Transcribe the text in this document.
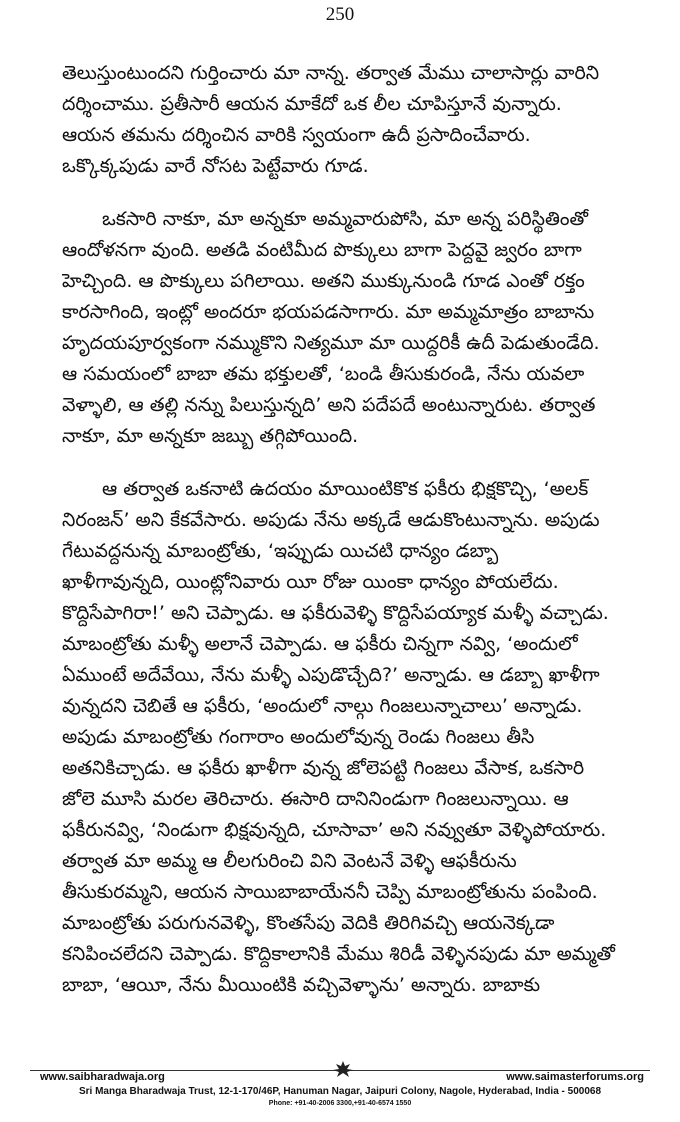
250
తెలుస్తుంటుందని గుర్తించారు మా నాన్న. తర్వాత మేము చాలాసార్లు వారిని
దర్శించాము. ప్రతీసారీ ఆయన మాకేదో ఒక లీల చూపిస్తూనే వున్నారు.
ఆయన తమను దర్శించిన వారికి స్వయంగా ఉదీ ప్రసాదించేవారు.
ఒక్కొక్కపుడు వారే నోసట పెట్టేవారు గూడ.
ఒకసారి నాకూ, మా అన్నకూ అమ్మవారుపోసి, మా అన్న పరిస్థితింతో
ఆందోళనగా వుంది. అతడి వంటిమీద పొక్కులు బాగా పెద్దవై జ్వరం బాగా
హెచ్చింది. ఆ పొక్కులు పగిలాయి. అతని ముక్కునుండి గూడ ఎంతో రక్తం
కారసాగింది, ఇంట్లో అందరూ భయపడసాగారు. మా అమ్మమాత్రం బాబాను
హృదయపూర్వకంగా నమ్ముకొని నిత్యమూ మా యిద్దరికీ ఉదీ పెడుతుండేది.
ఆ సమయంలో బాబా తమ భక్తులతో, ‘బండి తీసుకురండి, నేను యవలా
వెళ్ళాలి, ఆ తల్లి నన్ను పిలుస్తున్నది’ అని పదేపదే అంటున్నారుట. తర్వాత
నాకూ, మా అన్నకూ జబ్బు తగ్గిపోయింది.
ఆ తర్వాత ఒకనాటి ఉదయం మాయింటికొక ఫకీరు భిక్షకొచ్చి, ‘అలక్
నిరంజన్’ అని కేకవేసారు. అపుడు నేను అక్కడే ఆడుకొంటున్నాను. అపుడు
గేటువద్దనున్న మాబంట్రోతు, ‘ఇప్పుడు యిచటి ధాన్యం డబ్బా
ఖాళీగావున్నది, యింట్లోనివారు యీ రోజు యింకా ధాన్యం పోయలేదు.
కొద్దిసేపాగిరా!’ అని చెప్పాడు. ఆ ఫకీరువెళ్ళి కొద్దిసేపయ్యాక మళ్ళీ వచ్చాడు.
మాబంట్రోతు మళ్ళీ అలానే చెప్పాడు. ఆ ఫకీరు చిన్నగా నవ్వి, ‘అందులో
ఏముంటే అదేవేయి, నేను మళ్ళీ ఎపుడొచ్చేది?’ అన్నాడు. ఆ డబ్బా ఖాళీగా
వున్నదని చెబితే ఆ ఫకీరు, ‘అందులో నాల్గు గింజలున్నాచాలు’ అన్నాడు.
అపుడు మాబంట్రోతు గంగారాం అందులోవున్న రెండు గింజలు తీసి
అతనికిచ్చాడు. ఆ ఫకీరు ఖాళీగా వున్న జోలెపట్టి గింజలు వేసాక, ఒకసారి
జోలె మూసి మరల తెరిచారు. ఈసారి దానినిండుగా గింజలున్నాయి. ఆ
ఫకీరునవ్వి, ‘నిండుగా భిక్షవున్నది, చూసావా’ అని నవ్వుతూ వెళ్ళిపోయారు.
తర్వాత మా అమ్మ ఆ లీలగురించి విని వెంటనే వెళ్ళి ఆఫకీరును
తీసుకురమ్మని, ఆయన సాయిబాబాయేననీ చెప్పి మాబంట్రోతును పంపింది.
మాబంట్రోతు పరుగునవెళ్ళి, కొంతసేపు వెదికి తిరిగివచ్చి ఆయనెక్కడా
కనిపించలేదని చెప్పాడు. కొద్దికాలానికి మేము శిరిడీ వెళ్ళినపుడు మా అమ్మతో
బాబా, ‘ఆయీ, నేను మీయింటికి వచ్చివెళ్ళాను’ అన్నారు. బాబాకు
www.saibharadwaja.org	www.saimasterforums.org
Sri Manga Bharadwaja Trust, 12-1-170/46P, Hanuman Nagar, Jaipuri Colony, Nagole, Hyderabad, India - 500068
Phone: +91-40-2006 3300,+91-40-6574 1550
